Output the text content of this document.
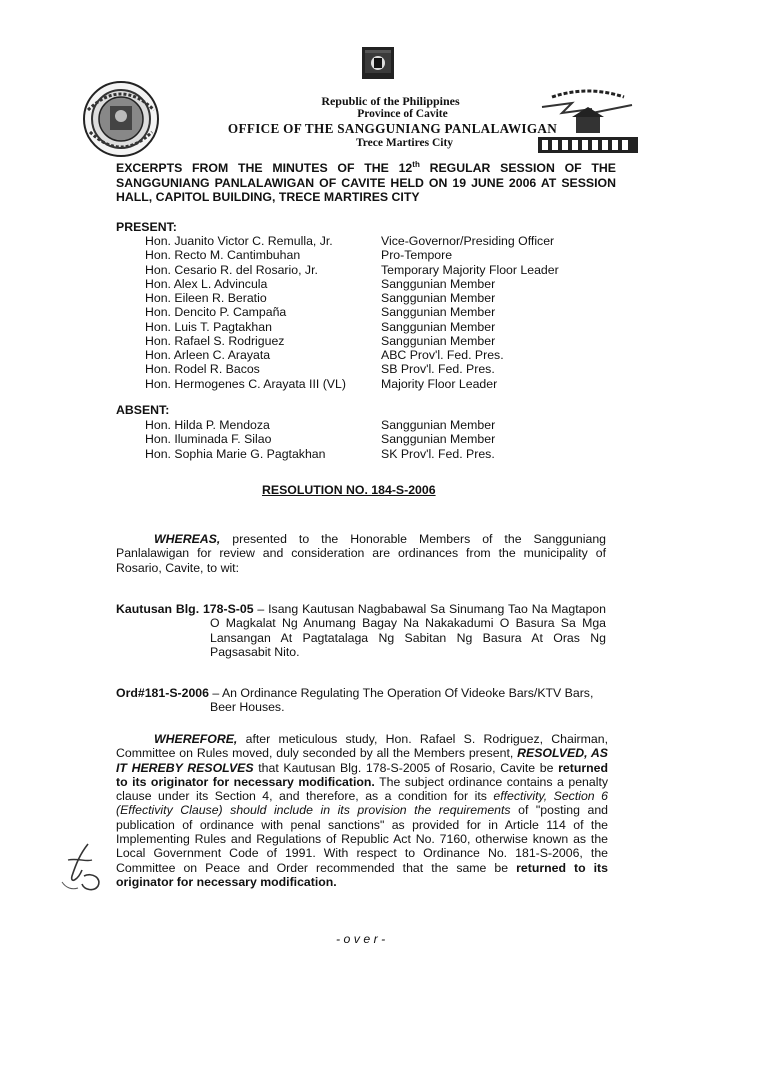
Republic of the Philippines
Province of Cavite
OFFICE OF THE SANGGUNIANG PANLALAWIGAN
Trece Martires City
EXCERPTS FROM THE MINUTES OF THE 12th REGULAR SESSION OF THE SANGGUNIANG PANLALAWIGAN OF CAVITE HELD ON 19 JUNE 2006 AT SESSION HALL, CAPITOL BUILDING, TRECE MARTIRES CITY
PRESENT:
Hon. Juanito Victor C. Remulla, Jr.	Vice-Governor/Presiding Officer
Hon. Recto M. Cantimbuhan	Pro-Tempore
Hon. Cesario R. del Rosario, Jr.	Temporary Majority Floor Leader
Hon. Alex L. Advincula	Sanggunian Member
Hon. Eileen R. Beratio	Sanggunian Member
Hon. Dencito P. Campaña	Sanggunian Member
Hon. Luis T. Pagtakhan	Sanggunian Member
Hon. Rafael S. Rodriguez	Sanggunian Member
Hon. Arleen C. Arayata	ABC Prov'l. Fed. Pres.
Hon. Rodel R. Bacos	SB Prov'l. Fed. Pres.
Hon. Hermogenes C. Arayata III (VL)	Majority Floor Leader
ABSENT:
Hon. Hilda P. Mendoza	Sanggunian Member
Hon. Iluminada F. Silao	Sanggunian Member
Hon. Sophia Marie G. Pagtakhan	SK Prov'l. Fed. Pres.
RESOLUTION NO. 184-S-2006
WHEREAS, presented to the Honorable Members of the Sangguniang Panlalawigan for review and consideration are ordinances from the municipality of Rosario, Cavite, to wit:
Kautusan Blg. 178-S-05 – Isang Kautusan Nagbabawal Sa Sinumang Tao Na Magtapon O Magkalat Ng Anumang Bagay Na Nakakadumi O Basura Sa Mga Lansangan At Pagtatalaga Ng Sabitan Ng Basura At Oras Ng Pagsasabit Nito.
Ord#181-S-2006 – An Ordinance Regulating The Operation Of Videoke Bars/KTV Bars,
Beer Houses.
WHEREFORE, after meticulous study, Hon. Rafael S. Rodriguez, Chairman, Committee on Rules moved, duly seconded by all the Members present, RESOLVED, AS IT HEREBY RESOLVES that Kautusan Blg. 178-S-2005 of Rosario, Cavite be returned to its originator for necessary modification. The subject ordinance contains a penalty clause under its Section 4, and therefore, as a condition for its effectivity, Section 6 (Effectivity Clause) should include in its provision the requirements of "posting and publication of ordinance with penal sanctions" as provided for in Article 114 of the Implementing Rules and Regulations of Republic Act No. 7160, otherwise known as the Local Government Code of 1991. With respect to Ordinance No. 181-S-2006, the Committee on Peace and Order recommended that the same be returned to its originator for necessary modification.
- o v e r -
